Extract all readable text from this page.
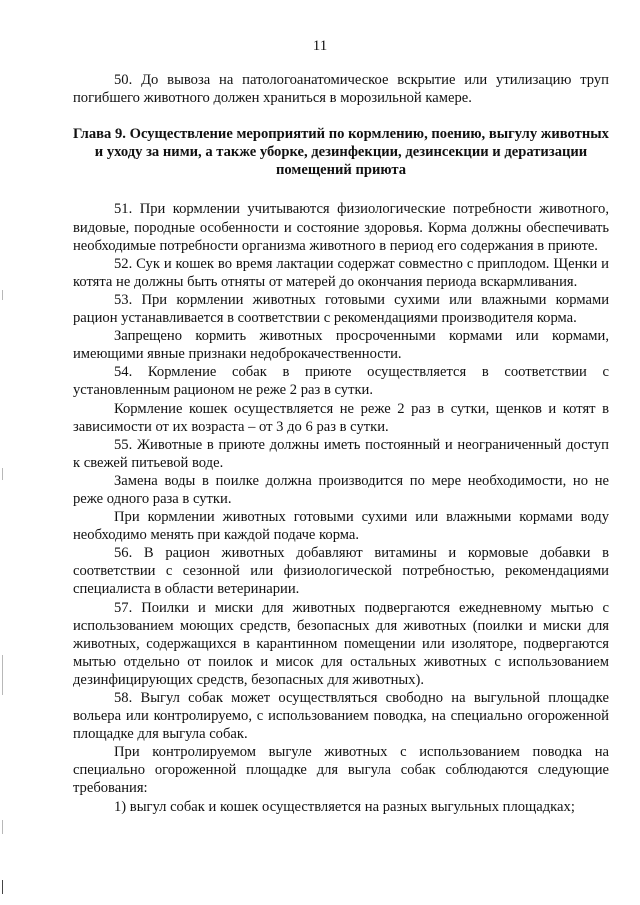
11

50. До вывоза на патологоанатомическое вскрытие или утилизацию труп погибшего животного должен храниться в морозильной камере.

Глава 9. Осуществление мероприятий по кормлению, поению, выгулу животных и уходу за ними, а также уборке, дезинфекции, дезинсекции и дератизации помещений приюта

51. При кормлении учитываются физиологические потребности животного, видовые, породные особенности и состояние здоровья. Корма должны обеспечивать необходимые потребности организма животного в период его содержания в приюте.

52. Сук и кошек во время лактации содержат совместно с приплодом. Щенки и котята не должны быть отняты от матерей до окончания периода вскармливания.

53. При кормлении животных готовыми сухими или влажными кормами рацион устанавливается в соответствии с рекомендациями производителя корма.

Запрещено кормить животных просроченными кормами или кормами, имеющими явные признаки недоброкачественности.

54. Кормление собак в приюте осуществляется в соответствии с установленным рационом не реже 2 раз в сутки.

Кормление кошек осуществляется не реже 2 раз в сутки, щенков и котят в зависимости от их возраста – от 3 до 6 раз в сутки.

55. Животные в приюте должны иметь постоянный и неограниченный доступ к свежей питьевой воде.

Замена воды в поилке должна производится по мере необходимости, но не реже одного раза в сутки.

При кормлении животных готовыми сухими или влажными кормами воду необходимо менять при каждой подаче корма.

56. В рацион животных добавляют витамины и кормовые добавки в соответствии с сезонной или физиологической потребностью, рекомендациями специалиста в области ветеринарии.

57. Поилки и миски для животных подвергаются ежедневному мытью с использованием моющих средств, безопасных для животных (поилки и миски для животных, содержащихся в карантинном помещении или изоляторе, подвергаются мытью отдельно от поилок и мисок для остальных животных с использованием дезинфицирующих средств, безопасных для животных).

58. Выгул собак может осуществляться свободно на выгульной площадке вольера или контролируемо, с использованием поводка, на специально огороженной площадке для выгула собак.

При контролируемом выгуле животных с использованием поводка на специально огороженной площадке для выгула собак соблюдаются следующие требования:

1) выгул собак и кошек осуществляется на разных выгульных площадках;
